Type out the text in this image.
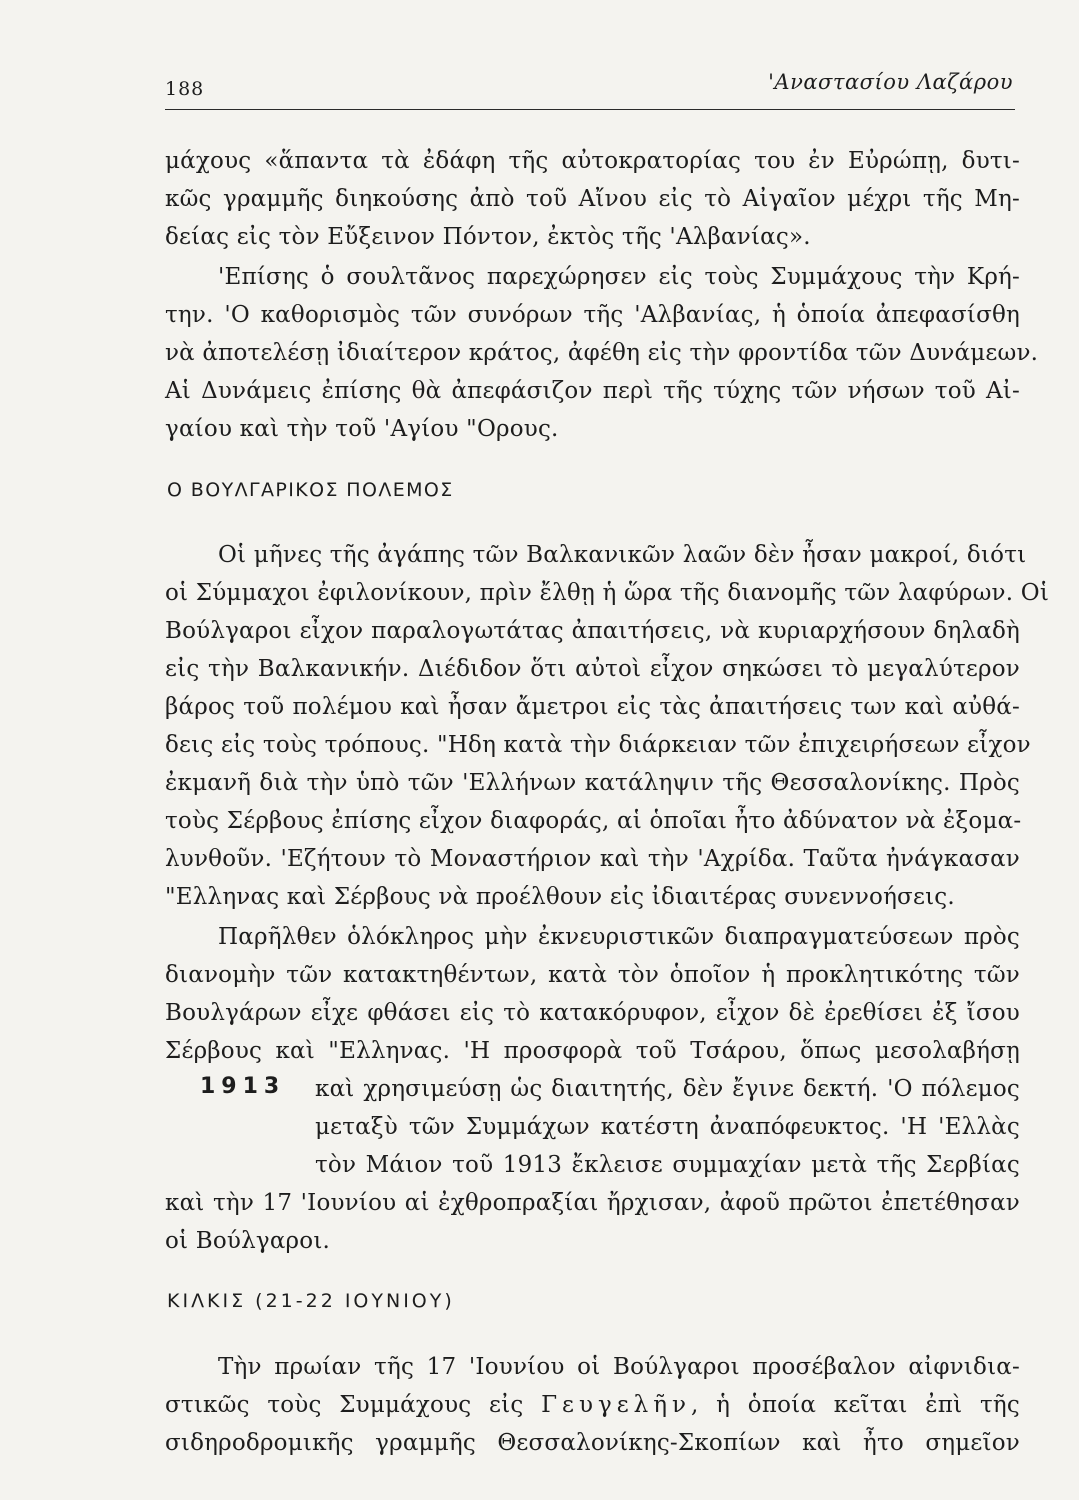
188	'Αναστασίου Λαζάρου
μάχους «ἅπαντα τὰ ἐδάφη τῆς αὐτοκρατορίας του ἐν Εὐρώπῃ, δυτι-
κῶς γραμμῆς διηκούσης ἀπὸ τοῦ Αἴνου εἰς τὸ Αἰγαῖον μέχρι τῆς Μη-
δείας εἰς τὸν Εὔξεινον Πόντον, ἐκτὸς τῆς 'Αλβανίας».
'Επίσης ὁ σουλτᾶνος παρεχώρησεν εἰς τοὺς Συμμάχους τὴν Κρή-
την. 'Ο καθορισμὸς τῶν συνόρων τῆς 'Αλβανίας, ἡ ὁποία ἀπεφασίσθη
νὰ ἀποτελέσῃ ἰδιαίτερον κράτος, ἀφέθη εἰς τὴν φροντίδα τῶν Δυνάμεων.
Αἱ Δυνάμεις ἐπίσης θὰ ἀπεφάσιζον περὶ τῆς τύχης τῶν νήσων τοῦ Αἰ-
γαίου καὶ τὴν τοῦ 'Αγίου "Ορους.
Ο ΒΟΥΛΓΑΡΙΚΟΣ ΠΟΛΕΜΟΣ
Οἱ μῆνες τῆς ἀγάπης τῶν Βαλκανικῶν λαῶν δὲν ἦσαν μακροί, διότι
οἱ Σύμμαχοι ἐφιλονίκουν, πρὶν ἔλθῃ ἡ ὥρα τῆς διανομῆς τῶν λαφύρων. Οἱ
Βούλγαροι εἶχον παραλογωτάτας ἀπαιτήσεις, νὰ κυριαρχήσουν δηλαδὴ
εἰς τὴν Βαλκανικήν. Διέδιδον ὅτι αὐτοὶ εἶχον σηκώσει τὸ μεγαλύτερον
βάρος τοῦ πολέμου καὶ ἦσαν ἄμετροι εἰς τὰς ἀπαιτήσεις των καὶ αὐθά-
δεις εἰς τοὺς τρόπους. "Ηδη κατὰ τὴν διάρκειαν τῶν ἐπιχειρήσεων εἶχον
ἐκμανῆ διὰ τὴν ὑπὸ τῶν 'Ελλήνων κατάληψιν τῆς Θεσσαλονίκης. Πρὸς
τοὺς Σέρβους ἐπίσης εἶχον διαφοράς, αἱ ὁποῖαι ἦτο ἀδύνατον νὰ ἐξομα-
λυνθοῦν. 'Εζήτουν τὸ Μοναστήριον καὶ τὴν 'Αχρίδα. Ταῦτα ἠνάγκασαν
"Ελληνας καὶ Σέρβους νὰ προέλθουν εἰς ἰδιαιτέρας συνεννοήσεις.
Παρῆλθεν ὁλόκληρος μὴν ἐκνευριστικῶν διαπραγματεύσεων πρὸς
διανομὴν τῶν κατακτηθέντων, κατὰ τὸν ὁποῖον ἡ προκλητικότης τῶν
Βουλγάρων εἶχε φθάσει εἰς τὸ κατακόρυφον, εἶχον δὲ ἐρεθίσει ἐξ ἴσου
Σέρβους καὶ "Ελληνας. 'Η προσφορὰ τοῦ Τσάρου, ὅπως μεσολαβήσῃ
1913 καὶ χρησιμεύσῃ ὡς διαιτητής, δὲν ἔγινε δεκτή. 'Ο πόλεμος
μεταξὺ τῶν Συμμάχων κατέστη ἀναπόφευκτος. 'Η 'Ελλὰς
τὸν Μάιον τοῦ 1913 ἔκλεισε συμμαχίαν μετὰ τῆς Σερβίας
καὶ τὴν 17 'Ιουνίου αἱ ἐχθροπραξίαι ἤρχισαν, ἀφοῦ πρῶτοι ἐπετέθησαν
οἱ Βούλγαροι.
ΚΙΛΚΙΣ (21-22 ΙΟΥΝΙΟΥ)
Τὴν πρωίαν τῆς 17 'Ιουνίου οἱ Βούλγαροι προσέβαλον αἰφνιδια-
στικῶς τοὺς Συμμάχους εἰς Γευγελῆν, ἡ ὁποία κεῖται ἐπὶ τῆς
σιδηροδρομικῆς γραμμῆς Θεσσαλονίκης-Σκοπίων καὶ ἦτο σημεῖον
